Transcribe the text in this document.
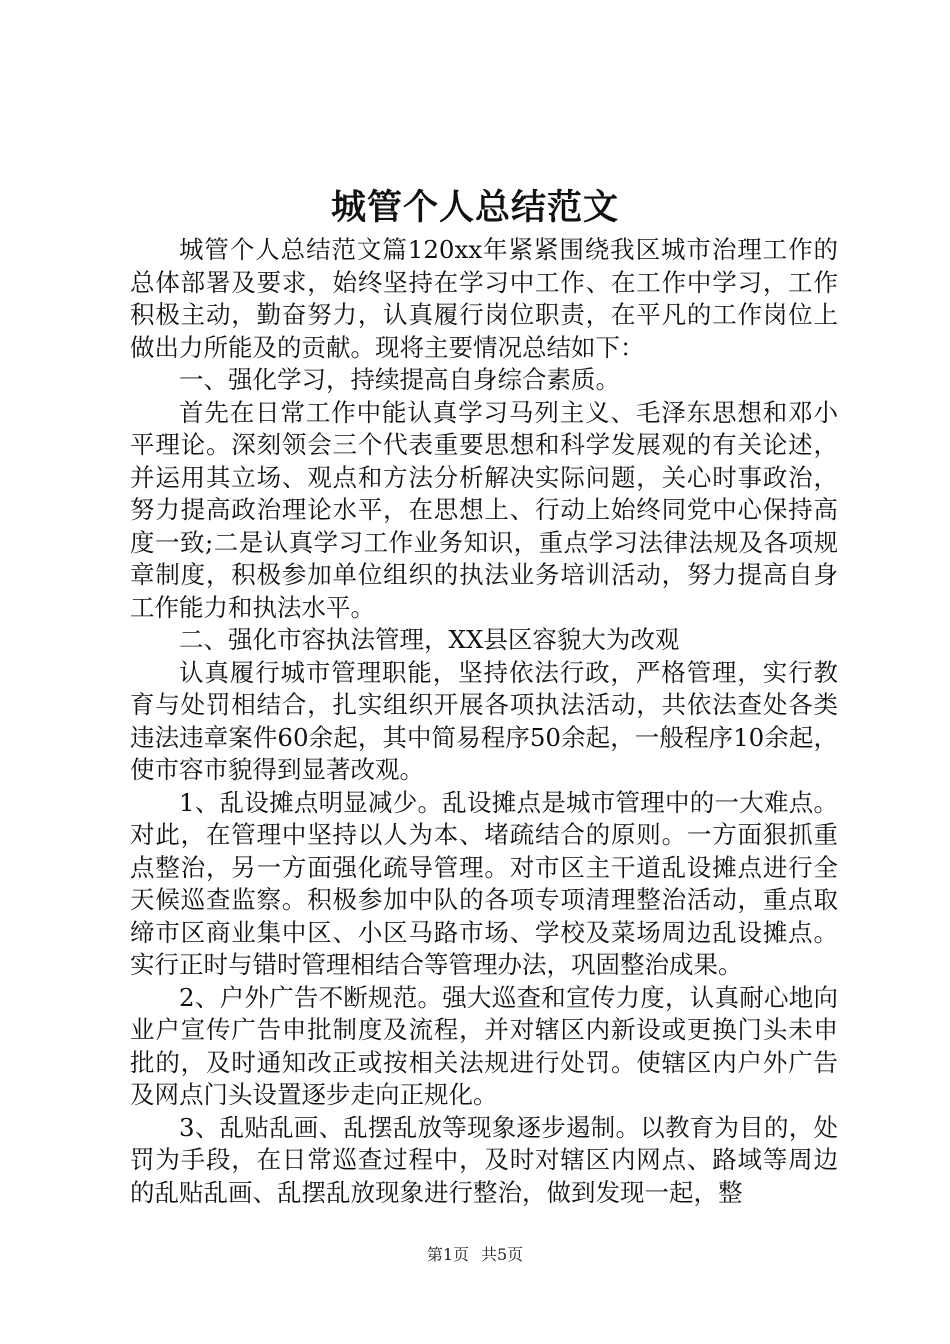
城管个人总结范文

城管个人总结范文篇120xx年紧紧围绕我区城市治理工作的总体部署及要求，始终坚持在学习中工作、在工作中学习，工作积极主动，勤奋努力，认真履行岗位职责，在平凡的工作岗位上做出力所能及的贡献。现将主要情况总结如下：

一、强化学习，持续提高自身综合素质。

首先在日常工作中能认真学习马列主义、毛泽东思想和邓小平理论。深刻领会三个代表重要思想和科学发展观的有关论述，并运用其立场、观点和方法分析解决实际问题，关心时事政治，努力提高政治理论水平，在思想上、行动上始终同党中心保持高度一致;二是认真学习工作业务知识，重点学习法律法规及各项规章制度，积极参加单位组织的执法业务培训活动，努力提高自身工作能力和执法水平。

二、强化市容执法管理，XX县区容貌大为改观

认真履行城市管理职能，坚持依法行政，严格管理，实行教育与处罚相结合，扎实组织开展各项执法活动，共依法查处各类违法违章案件60余起，其中简易程序50余起，一般程序10余起，使市容市貌得到显著改观。

1、乱设摊点明显减少。乱设摊点是城市管理中的一大难点。对此，在管理中坚持以人为本、堵疏结合的原则。一方面狠抓重点整治，另一方面强化疏导管理。对市区主干道乱设摊点进行全天候巡查监察。积极参加中队的各项专项清理整治活动，重点取缔市区商业集中区、小区马路市场、学校及菜场周边乱设摊点。实行正时与错时管理相结合等管理办法，巩固整治成果。

2、户外广告不断规范。强大巡查和宣传力度，认真耐心地向业户宣传广告申批制度及流程，并对辖区内新设或更换门头未申批的，及时通知改正或按相关法规进行处罚。使辖区内户外广告及网点门头设置逐步走向正规化。

3、乱贴乱画、乱摆乱放等现象逐步遏制。以教育为目的，处罚为手段，在日常巡查过程中，及时对辖区内网点、路域等周边的乱贴乱画、乱摆乱放现象进行整治，做到发现一起，整

第1页 共5页
